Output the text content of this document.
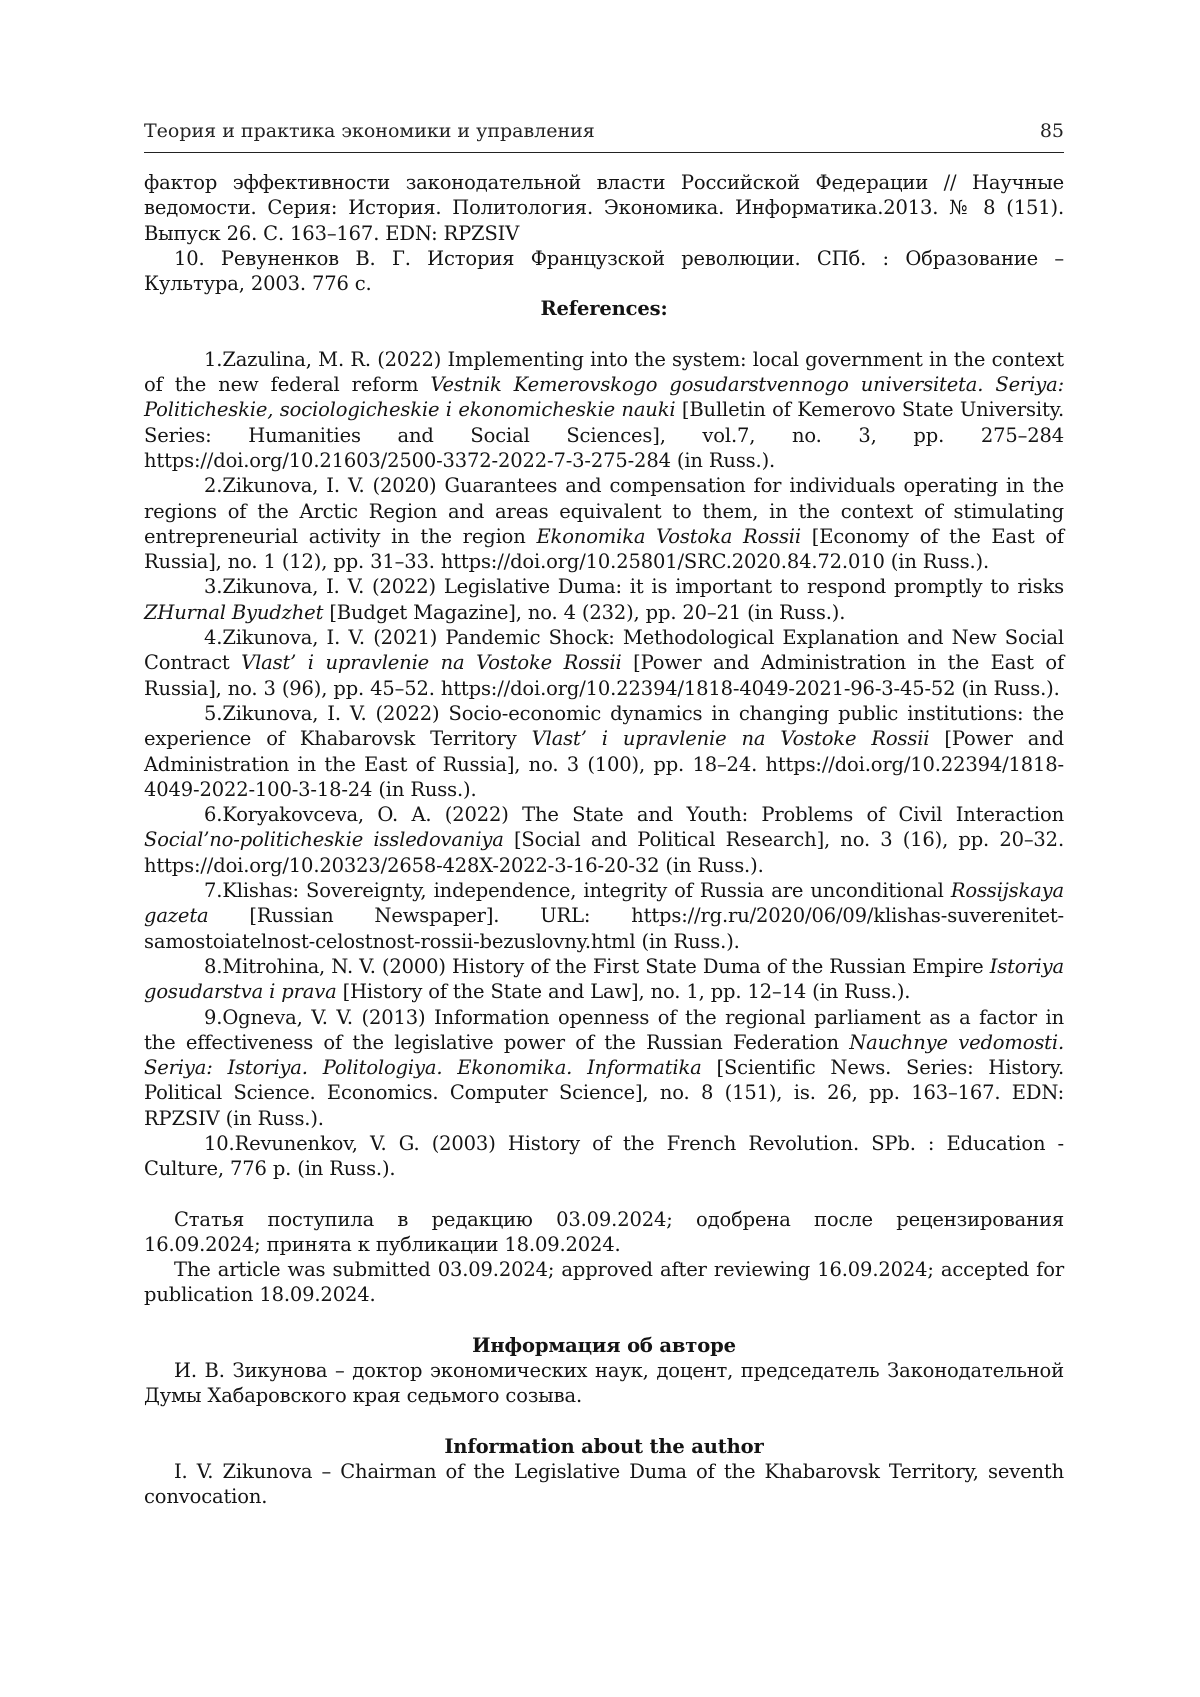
Теория и практика экономики и управления	85

фактор эффективности законодательной власти Российской Федерации // Научные ведомости. Серия: История. Политология. Экономика. Информатика.2013. № 8 (151). Выпуск 26. С. 163–167. EDN: RPZSIV

10. Ревуненков В. Г. История Французской революции. СПб. : Образование – Культура, 2003. 776 с.

References:

1.Zazulina, M. R. (2022) Implementing into the system: local government in the context of the new federal reform Vestnik Kemerovskogo gosudarstvennogo universiteta. Seriya: Politicheskie, sociologicheskie i ekonomicheskie nauki [Bulletin of Kemerovo State University. Series: Humanities and Social Sciences], vol.7, no. 3, pp. 275–284 https://doi.org/10.21603/2500-3372-2022-7-3-275-284 (in Russ.).

2.Zikunova, I. V. (2020) Guarantees and compensation for individuals operating in the regions of the Arctic Region and areas equivalent to them, in the context of stimulating entrepreneurial activity in the region Ekonomika Vostoka Rossii [Economy of the East of Russia], no. 1 (12), pp. 31–33. https://doi.org/10.25801/SRC.2020.84.72.010 (in Russ.).

3.Zikunova, I. V. (2022) Legislative Duma: it is important to respond promptly to risks ZHurnal Byudzhet [Budget Magazine], no. 4 (232), pp. 20–21 (in Russ.).

4.Zikunova, I. V. (2021) Pandemic Shock: Methodological Explanation and New Social Contract Vlast’ i upravlenie na Vostoke Rossii [Power and Administration in the East of Russia], no. 3 (96), pp. 45–52. https://doi.org/10.22394/1818-4049-2021-96-3-45-52 (in Russ.).

5.Zikunova, I. V. (2022) Socio-economic dynamics in changing public institutions: the experience of Khabarovsk Territory Vlast’ i upravlenie na Vostoke Rossii [Power and Administration in the East of Russia], no. 3 (100), pp. 18–24. https://doi.org/10.22394/1818-4049-2022-100-3-18-24 (in Russ.).

6.Koryakovceva, O. A. (2022) The State and Youth: Problems of Civil Interaction Social’no-politicheskie issledovaniya [Social and Political Research], no. 3 (16), pp. 20–32. https://doi.org/10.20323/2658-428X-2022-3-16-20-32 (in Russ.).

7.Klishas: Sovereignty, independence, integrity of Russia are unconditional Rossijskaya gazeta [Russian Newspaper]. URL: https://rg.ru/2020/06/09/klishas-suverenitet-samostoiatelnost-celostnost-rossii-bezuslovny.html (in Russ.).

8.Mitrohina, N. V. (2000) History of the First State Duma of the Russian Empire Istoriya gosudarstva i prava [History of the State and Law], no. 1, pp. 12–14 (in Russ.).

9.Ogneva, V. V. (2013) Information openness of the regional parliament as a factor in the effectiveness of the legislative power of the Russian Federation Nauchnye vedomosti. Seriya: Istoriya. Politologiya. Ekonomika. Informatika [Scientific News. Series: History. Political Science. Economics. Computer Science], no. 8 (151), is. 26, pp. 163–167. EDN: RPZSIV (in Russ.).

10.Revunenkov, V. G. (2003) History of the French Revolution. SPb. : Education - Culture, 776 p. (in Russ.).

Статья поступила в редакцию 03.09.2024; одобрена после рецензирования 16.09.2024; принята к публикации 18.09.2024.

The article was submitted 03.09.2024; approved after reviewing 16.09.2024; accepted for publication 18.09.2024.

Информация об авторе

И. В. Зикунова – доктор экономических наук, доцент, председатель Законодательной Думы Хабаровского края седьмого созыва.

Information about the author

I. V. Zikunova – Chairman of the Legislative Duma of the Khabarovsk Territory, seventh convocation.
